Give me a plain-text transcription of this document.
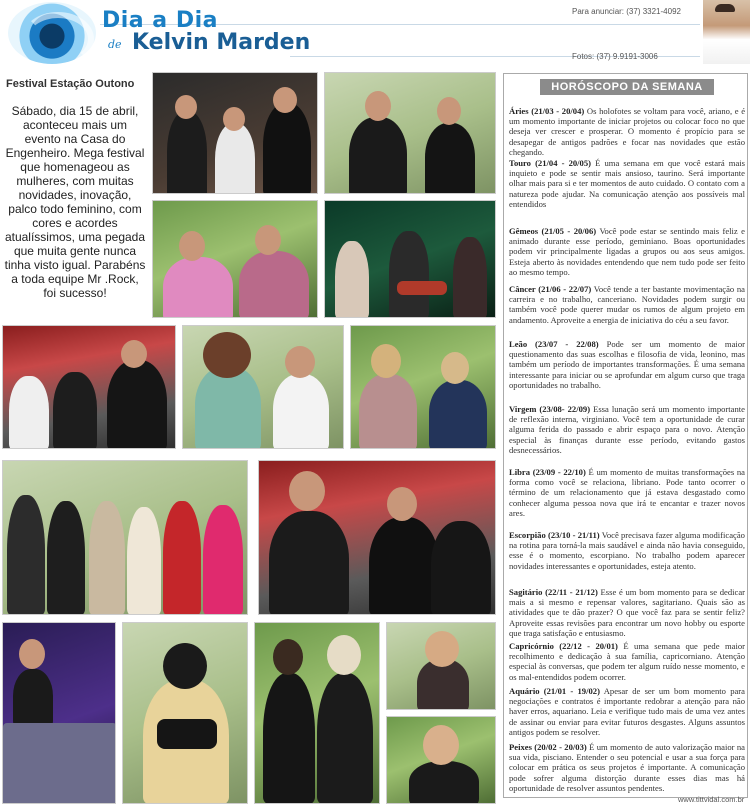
Dia a Dia
de Kelvin Marden
Para anunciar: (37) 3321-4092
Fotos: (37) 9.9191-3006
Festival Estação Outono

Sábado, dia 15 de abril, aconteceu mais um evento na Casa do Engenheiro. Mega festival que homenageou as mulheres, com muitas novidades, inovação, palco todo feminino, com cores e acordes atualíssimos, uma pegada que muita gente nunca tinha visto igual. Parabéns a toda equipe Mr .Rock, foi sucesso!

HORÓSCOPO DA SEMANA
Áries (21/03 - 20/04) Os holofotes se voltam para você, ariano, e é um momento importante de iniciar projetos ou colocar foco no que deseja ver crescer e prosperar. O momento é propício para se desapegar de antigos padrões e focar nas novidades que estão chegando.
Touro (21/04 - 20/05) É uma semana em que você estará mais inquieto e pode se sentir mais ansioso, taurino. Será importante olhar mais para si e ter momentos de auto cuidado. O contato com a natureza pode ajudar. Na comunicação atenção aos possíveis mal entendidos
Gêmeos (21/05 - 20/06) Você pode estar se sentindo mais feliz e animado durante esse período, geminiano. Boas oportunidades podem vir principalmente ligadas a grupos ou aos seus amigos. Esteja aberto às novidades entendendo que nem tudo pode ser feito ao mesmo tempo.
Câncer (21/06 - 22/07) Você tende a ter bastante movimentação na carreira e no trabalho, canceriano. Novidades podem surgir ou também você pode querer mudar os rumos de algum projeto em andamento. Aproveite a energia de iniciativa do céu a seu favor.
Leão (23/07 - 22/08) Pode ser um momento de maior questionamento das suas escolhas e filosofia de vida, leonino, mas também um período de importantes transformações. É uma semana interessante para iniciar ou se aprofundar em algum curso que traga oportunidades no trabalho.
Virgem (23/08- 22/09) Essa lunação será um momento importante de reflexão interna, virginiano. Você tem a oportunidade de curar alguma ferida do passado e abrir espaço para o novo. Atenção especial às finanças durante esse período, evitando gastos desnecessários.
Libra (23/09 - 22/10) É um momento de muitas transformações na forma como você se relaciona, libriano. Pode tanto ocorrer o término de um relacionamento que já estava desgastado como conhecer alguma pessoa nova que irá te encantar e trazer novos ares.
Escorpião (23/10 - 21/11) Você precisava fazer alguma modificação na rotina para torná-la mais saudável e ainda não havia conseguido, esse é o momento, escorpiano. No trabalho podem aparecer novidades interessantes e oportunidades, esteja atento.
Sagitário (22/11 - 21/12) Esse é um bom momento para se dedicar mais a si mesmo e repensar valores, sagitariano. Quais são as atividades que te dão prazer? O que você faz para se sentir feliz? Aproveite essas revisões para encontrar um novo hobby ou esporte que traga satisfação e entusiasmo.
Capricórnio (22/12 - 20/01) É uma semana que pede maior recolhimento e dedicação à sua família, capricorniano. Atenção especial às conversas, que podem ter algum ruído nesse momento, e os mal-entendidos podem ocorrer.
Aquário (21/01 - 19/02) Apesar de ser um bom momento para negociações e contratos é importante redobrar a atenção para não haver erros, aquariano. Leia e verifique tudo mais de uma vez antes de assinar ou enviar para evitar futuros desgastes. Alguns assuntos antigos podem se resolver.
Peixes (20/02 - 20/03) É um momento de auto valorização maior na sua vida, pisciano. Entender o seu potencial e usar a sua força para colocar em prática os seus projetos é importante. A comunicação pode sofrer alguma distorção durante esses dias mas há oportunidade de resolver assuntos pendentes.
www.tittvidal.com.br
